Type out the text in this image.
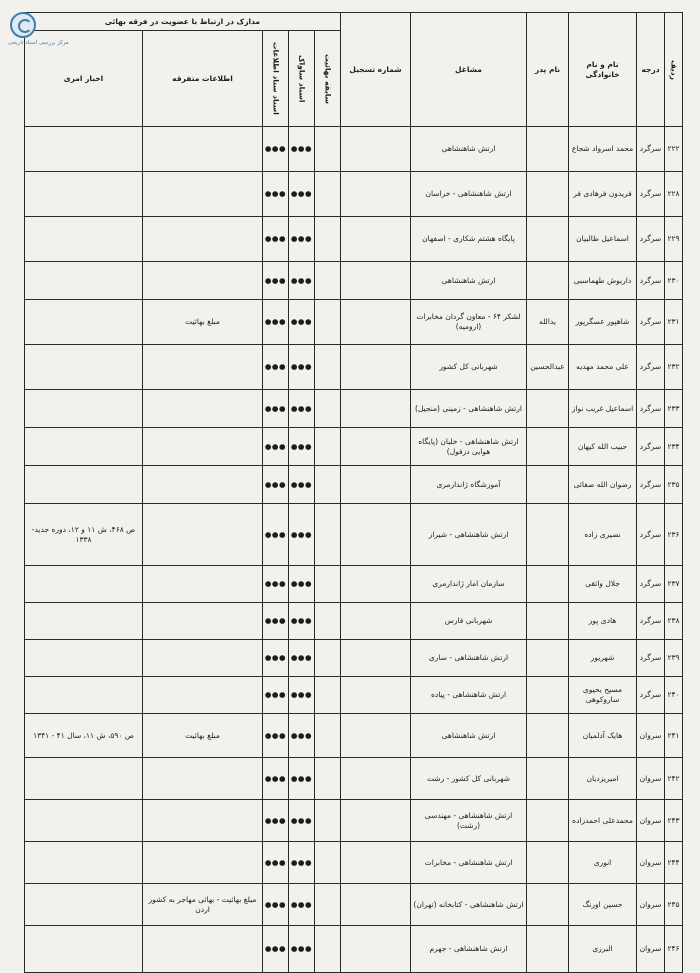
مرکز بررسی اسناد تاریخی
ردیف	درجه	نام و نام خانوادگی	نام پدر	مشاغل	شماره تسجیل	مدارک در ارتباط با عضویت در فرقه بهائی				
						سابقه بهائیت	اسناد ساواک	اسناد ستاد اطلاعات	اطلاعات متفرقه	اخبار امری
۲۲۲	سرگرد	محمد اسرواد شجاع		ارتش شاهنشاهی			●●●	●●●		
۲۲۸	سرگرد	فریدون فرهادی فر		ارتش شاهنشاهی - خراسان			●●●	●●●		
۲۲۹	سرگرد	اسماعیل طالبیان		پایگاه هشتم شکاری - اصفهان			●●●	●●●		
۲۳۰	سرگرد	داریوش طهماسبی		ارتش شاهنشاهی			●●●	●●●		
۲۳۱	سرگرد	شاهپور عسگرپور	یدالله	لشکر ۶۴ - معاون گردان مخابرات (ارومیه)			●●●	●●●	مبلغ بهائیت	
۲۳۲	سرگرد	علی محمد مهدیه	عبدالحسین	شهربانی کل کشور			●●●	●●●		
۲۳۳	سرگرد	اسماعیل غریب نواز		ارتش شاهنشاهی - زمینی (منجیل)			●●●	●●●		
۲۳۴	سرگرد	حبیب الله کیهان		ارتش شاهنشاهی - خلبان (پایگاه هوایی دزفول)			●●●	●●●		
۲۳۵	سرگرد	رضوان الله صفائی		آموزشگاه ژاندارمری			●●●	●●●		
۲۳۶	سرگرد	نصیری زاده		ارتش شاهنشاهی - شیراز			●●●	●●●		ص ۴۶۸، ش ۱۱ و ۱۲، دوره جدید- ۱۳۳۸
۲۳۷	سرگرد	جلال واثقی		سازمان امار ژاندارمری			●●●	●●●		
۲۳۸	سرگرد	هادی پور		شهربانی فارس			●●●	●●●		
۲۳۹	سرگرد	شهریور		ارتش شاهنشاهی - ساری			●●●	●●●		
۲۴۰	سرگرد	مسیح یحیوی ساروکوهی		ارتش شاهنشاهی - پیاده			●●●	●●●		
۲۴۱	سروان	هایک آدلمیان		ارتش شاهنشاهی			●●●	●●●	مبلغ بهائیت	ص ۵۹۰، ش ۱۱، سال ۴۱ - ۱۳۴۱
۲۴۲	سروان	امیریزدیان		شهربانی کل کشور - رشت			●●●	●●●		
۲۴۳	سروان	محمدعلی احمدزاده		ارتش شاهنشاهی - مهندسی (رشت)			●●●	●●●		
۲۴۴	سروان	انوری		ارتش شاهنشاهی - مخابرات			●●●	●●●		
۲۴۵	سروان	حسین اورنگ		ارتش شاهنشاهی - کتابخانه (تهران)			●●●	●●●	مبلغ بهائیت - بهائی مهاجر به کشور اردن	
۲۴۶	سروان	البرزی		ارتش شاهنشاهی - جهرم			●●●	●●●		
